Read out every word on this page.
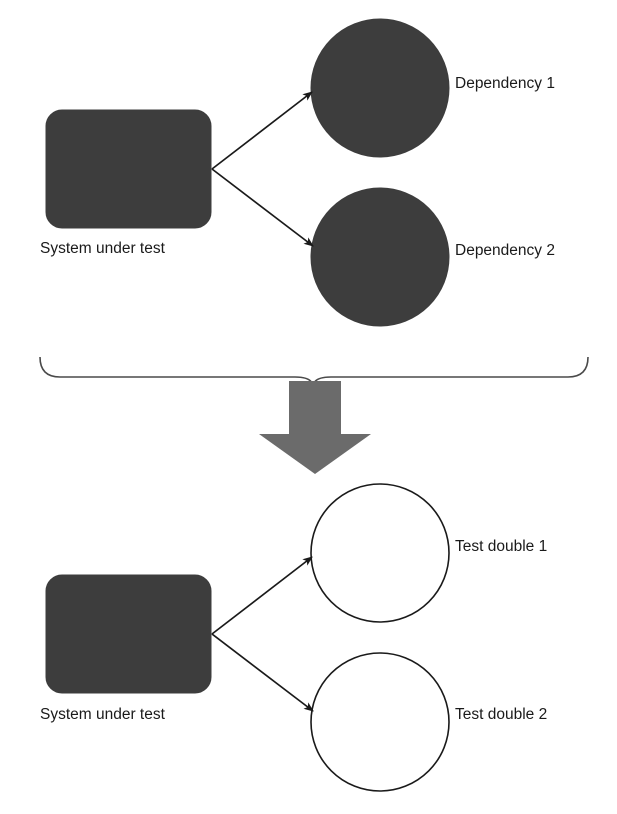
System under test
Dependency 1
Dependency 2
System under test
Test double 1
Test double 2
